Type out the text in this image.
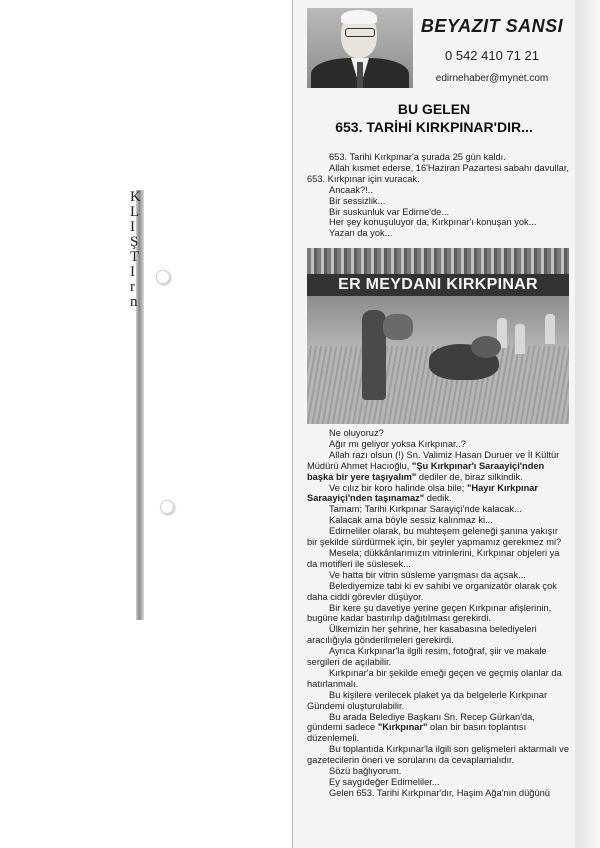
K
L
I
Ş
T
I
r
n
BEYAZIT SANSI
0 542 410 71 21
edirnehaber@mynet.com
BU GELEN
653. TARİHİ KIRKPINAR'DIR...

653. Tarihi Kırkpınar'a şurada 25 gün kaldı.

Allah kısmet ederse, 16'Haziran Pazartesi sabahı davullar, 653. Kırkpınar için vuracak.

Ancaak?!..

Bir sessizlik...

Bir suskunluk var Edirne'de...

Her şey konuşuluyor da, Kırkpınar'ı konuşan yok...

Yazan da yok...

ER MEYDANI KIRKPINAR

Ne oluyoruz?

Ağır mı geliyor yoksa Kırkpınar..?

Allah razı olsun (!) Sn. Valimiz Hasan Duruer ve İl Kültür Müdürü Ahmet Hacıoğlu, "Şu Kırkpınar'ı Saraayiçi'nden başka bir yere taşıyalım" dediler de, biraz silkindik.

Ve cılız bir koro halinde olsa bile; "Hayır Kırkpınar Saraayiçi'nden taşınamaz" dedik.

Tamam; Tarihi Kırkpınar Sarayiçi'nde kalacak...

Kalacak ama böyle sessiz kalınmaz ki...

Edirneliler olarak, bu muhteşem geleneği şanına yakışır bir şekilde sürdürmek için, bir şeyler yapmamız gerekmez mi?

Mesela; dükkânlarımızın vitrinlerini, Kırkpınar objeleri ya da motifleri ile süslesek...

Ve hatta bir vitrin süsleme yarışması da açsak...

Belediyemize tabi ki ev sahibi ve organizatör olarak çok daha ciddi görevler düşüyor.

Bir kere şu davetiye yerine geçen Kırkpınar afişlerinin, bugüne kadar bastırılıp dağıtılması gerekirdi.

Ülkemizin her şehrine, her kasabasına belediyeleri aracılığıyla gönderilmeleri gerekirdi.

Ayrıca Kırkpınar'la ilgili resim, fotoğraf, şiir ve makale sergileri de açılabilir.

Kırkpınar'a bir şekilde emeği geçen ve geçmiş olanlar da hatırlanmalı.

Bu kişilere verilecek plaket ya da belgelerle Kırkpınar Gündemi oluşturulabilir.

Bu arada Belediye Başkanı Sn. Recep Gürkan'da, gündemi sadece "Kırkpınar" olan bir basın toplantısı düzenlemeli.

Bu toplantıda Kırkpınar'la ilgili son gelişmeleri aktarmalı ve gazetecilerin öneri ve sorularını da cevaplamalıdır.

Sözü bağlıyorum.

Ey saygıdeğer Edirneliler...

Gelen 653. Tarihi Kırkpınar'dır, Haşim Ağa'nın düğünü
